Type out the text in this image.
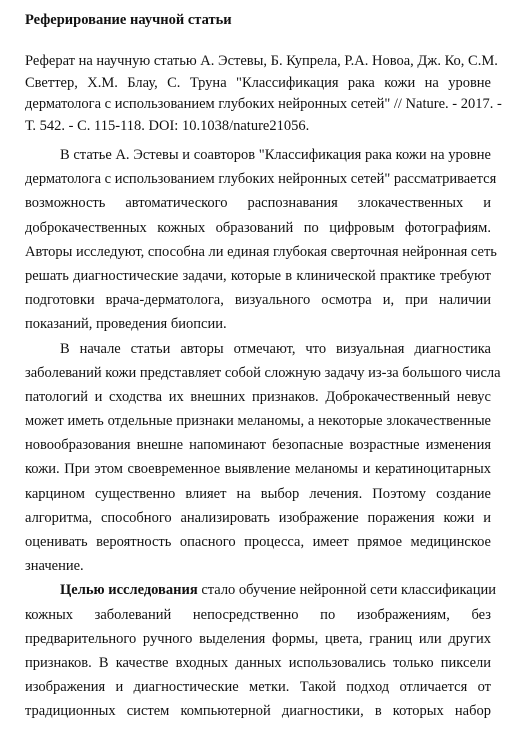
Реферирование научной статьи
Реферат на научную статью А. Эстевы, Б. Купрела, Р.А. Новоа, Дж. Ко, С.М.
Светтер, Х.М. Блау, С. Труна "Классификация рака кожи на уровне
дерматолога с использованием глубоких нейронных сетей" // Nature. - 2017. -
Т. 542. - С. 115-118. DOI: 10.1038/nature21056.
В статье А. Эстевы и соавторов "Классификация рака кожи на уровне
дерматолога с использованием глубоких нейронных сетей" рассматривается
возможность автоматического распознавания злокачественных и
доброкачественных кожных образований по цифровым фотографиям.
Авторы исследуют, способна ли единая глубокая сверточная нейронная сеть
решать диагностические задачи, которые в клинической практике требуют
подготовки врача-дерматолога, визуального осмотра и, при наличии
показаний, проведения биопсии.
В начале статьи авторы отмечают, что визуальная диагностика
заболеваний кожи представляет собой сложную задачу из-за большого числа
патологий и сходства их внешних признаков. Доброкачественный невус
может иметь отдельные признаки меланомы, а некоторые злокачественные
новообразования внешне напоминают безопасные возрастные изменения
кожи. При этом своевременное выявление меланомы и кератиноцитарных
карцином существенно влияет на выбор лечения. Поэтому создание
алгоритма, способного анализировать изображение поражения кожи и
оценивать вероятность опасного процесса, имеет прямое медицинское
значение.
Целью исследования стало обучение нейронной сети классификации
кожных заболеваний непосредственно по изображениям, без
предварительного ручного выделения формы, цвета, границ или других
признаков. В качестве входных данных использовались только пиксели
изображения и диагностические метки. Такой подход отличается от
традиционных систем компьютерной диагностики, в которых набор
